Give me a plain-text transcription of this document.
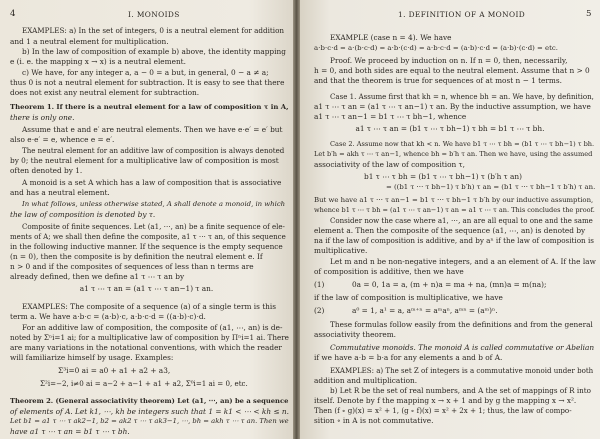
4	I. MONOIDS
EXAMPLES: a) In the set of integers, 0 is a neutral element for addition
and 1 a neutral element for multiplication.
b) In the law of composition of example b) above, the identity mapping
e (i. e. the mapping x → x) is a neutral element.
c) We have, for any integer a, a − 0 = a but, in general, 0 − a ≠ a;
thus 0 is not a neutral element for subtraction. It is easy to see that there
does not exist any neutral element for subtraction.
Theorem 1. If there is a neutral element for a law of composition τ in A,
there is only one.
Assume that e and e′ are neutral elements. Then we have e⋅e′ = e′ but
also e⋅e′ = e, whence e = e′.
The neutral element for an additive law of composition is always denoted
by 0; the neutral element for a multiplicative law of composition is most
often denoted by 1.
A monoid is a set A which has a law of composition that is associative
and has a neutral element.
In what follows, unless otherwise stated, A shall denote a monoid, in which
the law of composition is denoted by τ.
Composite of finite sequences. Let (a1, ⋯, an) be a finite sequence of ele-
ments of A; we shall then define the composite, a1 τ ⋯ τ an, of this sequence
in the following inductive manner. If the sequence is the empty sequence
(n = 0), then the composite is by definition the neutral element e. If
n > 0 and if the composites of sequences of less than n terms are
already defined, then we define a1 τ ⋯ τ an by
a1 τ ⋯ τ an = (a1 τ ⋯ τ an−1) τ an.
EXAMPLES: The composite of a sequence (a) of a single term is this
term a. We have a⋅b⋅c = (a⋅b)⋅c, a⋅b⋅c⋅d = ((a⋅b)⋅c)⋅d.
For an additive law of composition, the composite of (a1, ⋯, an) is de-
noted by Σⁿi=1 ai; for a multiplicative law of composition by Πⁿi=1 ai. There
are many variations in the notational conventions, with which the reader
will familiarize himself by usage. Examples:
Σ³i=0 ai = a0 + a1 + a2 + a3,
Σ²i=−2, i≠0 ai = a−2 + a−1 + a1 + a2, Σ⁰i=1 ai = 0, etc.
Theorem 2. (General associativity theorem) Let (a1, ⋯, an) be a sequence
of elements of A. Let k1, ⋯, kh be integers such that 1 = k1 < ⋯ < kh ≤ n.
Let b1 = a1 τ ⋯ τ ak2−1, b2 = ak2 τ ⋯ τ ak3−1, ⋯, bh = akh τ ⋯ τ an. Then we
have a1 τ ⋯ τ an = b1 τ ⋯ τ bh.
1. DEFINITION OF A MONOID	5
EXAMPLE (case n = 4). We have
a⋅b⋅c⋅d = a⋅(b⋅c⋅d) = a⋅b⋅(c⋅d) = a⋅b⋅c⋅d = (a⋅b)⋅c⋅d = (a⋅b)⋅(c⋅d) = etc.
Proof. We proceed by induction on n. If n = 0, then, necessarily,
h = 0, and both sides are equal to the neutral element. Assume that n > 0
and that the theorem is true for sequences of at most n − 1 terms.
Case 1. Assume first that kh = n, whence bh = an. We have, by definition,
a1 τ ⋯ τ an = (a1 τ ⋯ τ an−1) τ an. By the inductive assumption, we have
a1 τ ⋯ τ an−1 = b1 τ ⋯ τ bh−1, whence
a1 τ ⋯ τ an = (b1 τ ⋯ τ bh−1) τ bh = b1 τ ⋯ τ bh.
Case 2. Assume now that kh < n. We have b1 τ ⋯ τ bh = (b1 τ ⋯ τ bh−1) τ bh.
Let b′h = akh τ ⋯ τ an−1, whence bh = b′h τ an. Then we have, using the assumed
associativity of the law of composition τ,
b1 τ ⋯ τ bh = (b1 τ ⋯ τ bh−1) τ (b′h τ an)
= ((b1 τ ⋯ τ bh−1) τ b′h) τ an = (b1 τ ⋯ τ bh−1 τ b′h) τ an.
But we have a1 τ ⋯ τ an−1 = b1 τ ⋯ τ bh−1 τ b′h by our inductive assumption,
whence b1 τ ⋯ τ bh = (a1 τ ⋯ τ an−1) τ an = a1 τ ⋯ τ an. This concludes the proof.
Consider now the case where a1, ⋯, an are all equal to one and the same
element a. Then the composite of the sequence (a1, ⋯, an) is denoted by
na if the law of composition is additive, and by aⁿ if the law of composition is
multiplicative.
Let m and n be non-negative integers, and a an element of A. If the law
of composition is additive, then we have
(1)	0a = 0, 1a = a, (m + n)a = ma + na, (mn)a = m(na);
if the law of composition is multiplicative, we have
(2)	a⁰ = 1, a¹ = a, aᵐ⁺ⁿ = aᵐaⁿ, aᵐⁿ = (aᵐ)ⁿ.
These formulas follow easily from the definitions and from the general
associativity theorem.
Commutative monoids. The monoid A is called commutative or Abelian
if we have a⋅b = b⋅a for any elements a and b of A.
EXAMPLES: a) The set Z of integers is a commutative monoid under both
addition and multiplication.
b) Let R be the set of real numbers, and A the set of mappings of R into
itself. Denote by f the mapping x → x + 1 and by g the mapping x → x².
Then (f ∘ g)(x) = x² + 1, (g ∘ f)(x) = x² + 2x + 1; thus, the law of compo-
sition ∘ in A is not commutative.
